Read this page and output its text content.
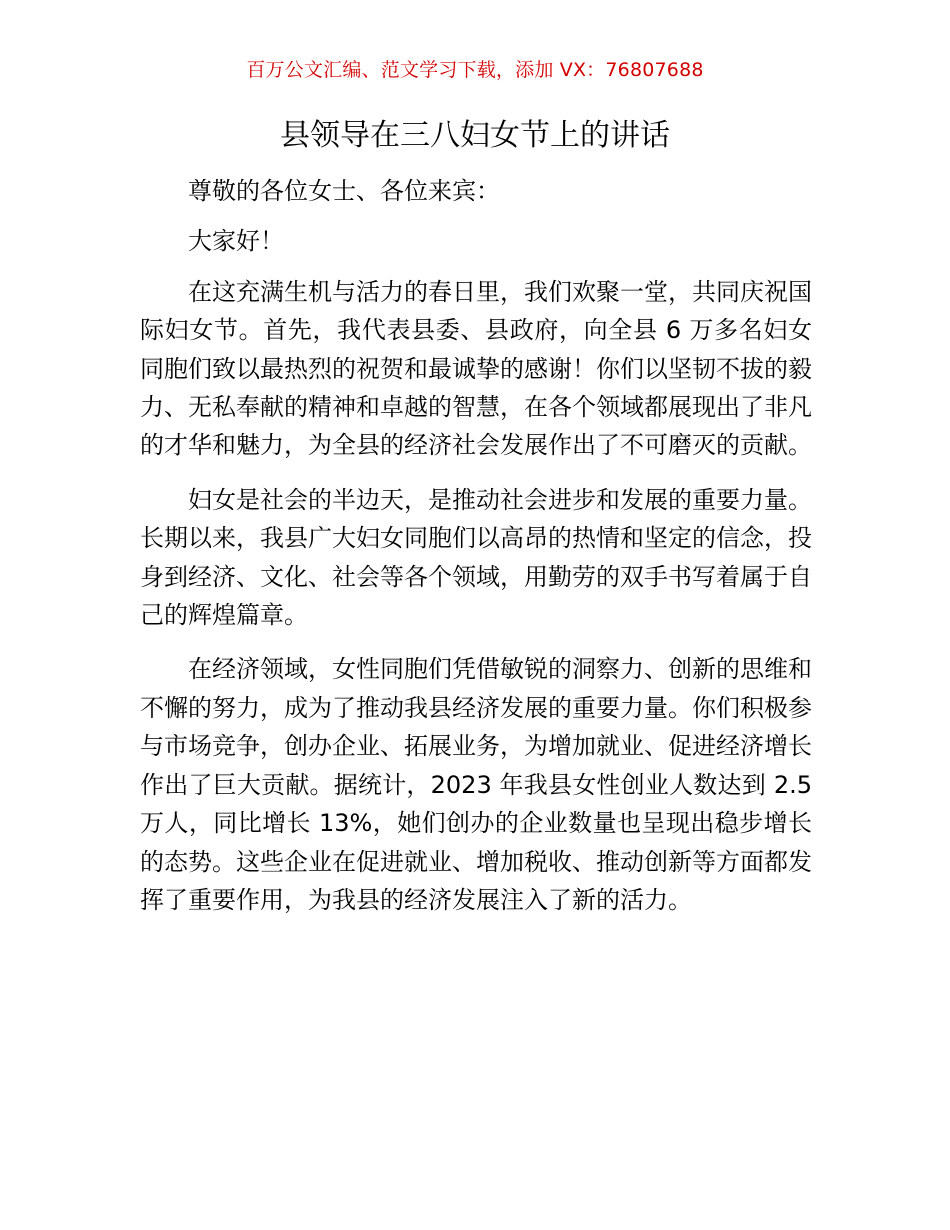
百万公文汇编、范文学习下载，添加 VX：76807688
县领导在三八妇女节上的讲话

尊敬的各位女士、各位来宾：

大家好！

在这充满生机与活力的春日里，我们欢聚一堂，共同庆祝国际妇女节。首先，我代表县委、县政府，向全县 6 万多名妇女同胞们致以最热烈的祝贺和最诚挚的感谢！你们以坚韧不拔的毅力、无私奉献的精神和卓越的智慧，在各个领域都展现出了非凡的才华和魅力，为全县的经济社会发展作出了不可磨灭的贡献。

妇女是社会的半边天，是推动社会进步和发展的重要力量。长期以来，我县广大妇女同胞们以高昂的热情和坚定的信念，投身到经济、文化、社会等各个领域，用勤劳的双手书写着属于自己的辉煌篇章。

在经济领域，女性同胞们凭借敏锐的洞察力、创新的思维和不懈的努力，成为了推动我县经济发展的重要力量。你们积极参与市场竞争，创办企业、拓展业务，为增加就业、促进经济增长作出了巨大贡献。据统计，2023 年我县女性创业人数达到 2.5 万人，同比增长 13%，她们创办的企业数量也呈现出稳步增长的态势。这些企业在促进就业、增加税收、推动创新等方面都发挥了重要作用，为我县的经济发展注入了新的活力。
